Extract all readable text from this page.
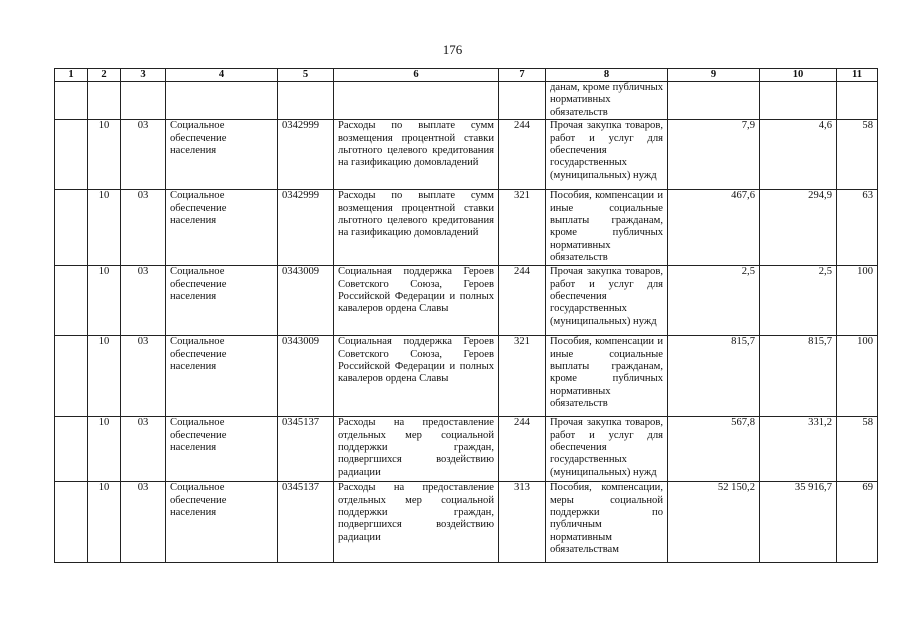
176
1	2	3	4	5	6	7	8	9	10	11
							данам, кроме публичных нормативных обязательств			
	10	03	Социальное обеспечение населения	0342999	Расходы по выплате сумм возмещения процентной ставки льготного целевого кредитования на газификацию домовладений	244	Прочая закупка товаров, работ и услуг для обеспечения государственных (муниципальных) нужд	7,9	4,6	58
	10	03	Социальное обеспечение населения	0342999	Расходы по выплате сумм возмещения процентной ставки льготного целевого кредитования на газификацию домовладений	321	Пособия, компенсации и иные социальные выплаты гражданам, кроме публичных нормативных обязательств	467,6	294,9	63
	10	03	Социальное обеспечение населения	0343009	Социальная поддержка Героев Советского Союза, Героев Российской Федерации и полных кавалеров ордена Славы	244	Прочая закупка товаров, работ и услуг для обеспечения государственных (муниципальных) нужд	2,5	2,5	100
	10	03	Социальное обеспечение населения	0343009	Социальная поддержка Героев Советского Союза, Героев Российской Федерации и полных кавалеров ордена Славы	321	Пособия, компенсации и иные социальные выплаты гражданам, кроме публичных нормативных обязательств	815,7	815,7	100
	10	03	Социальное обеспечение населения	0345137	Расходы на предоставление отдельных мер социальной поддержки граждан, подвергшихся воздействию радиации	244	Прочая закупка товаров, работ и услуг для обеспечения государственных (муниципальных) нужд	567,8	331,2	58
	10	03	Социальное обеспечение населения	0345137	Расходы на предоставление отдельных мер социальной поддержки граждан, подвергшихся воздействию радиации	313	Пособия, компенсации, меры социальной поддержки по публичным нормативным обязательствам	52 150,2	35 916,7	69
